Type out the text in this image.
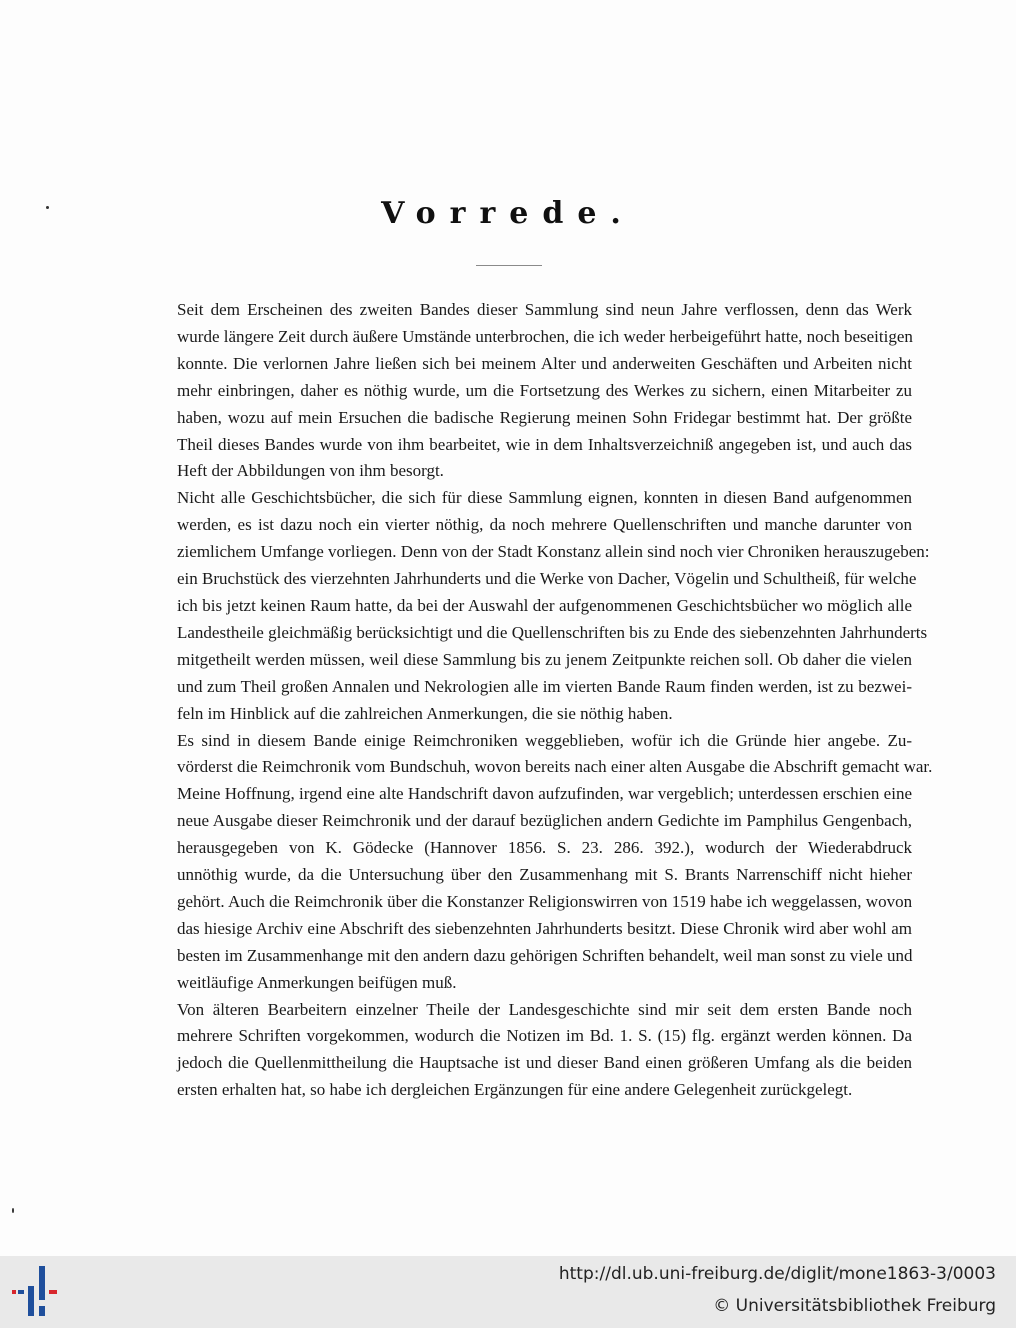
Vorrede.

Seit dem Erscheinen des zweiten Bandes dieser Sammlung sind neun Jahre verflossen, denn das Werk
wurde längere Zeit durch äußere Umstände unterbrochen, die ich weder herbeigeführt hatte, noch beseitigen
konnte. Die verlornen Jahre ließen sich bei meinem Alter und anderweiten Geschäften und Arbeiten nicht
mehr einbringen, daher es nöthig wurde, um die Fortsetzung des Werkes zu sichern, einen Mitarbeiter zu
haben, wozu auf mein Ersuchen die badische Regierung meinen Sohn Fridegar bestimmt hat. Der größte
Theil dieses Bandes wurde von ihm bearbeitet, wie in dem Inhaltsverzeichniß angegeben ist, und auch das
Heft der Abbildungen von ihm besorgt.

Nicht alle Geschichtsbücher, die sich für diese Sammlung eignen, konnten in diesen Band aufgenommen
werden, es ist dazu noch ein vierter nöthig, da noch mehrere Quellenschriften und manche darunter von
ziemlichem Umfange vorliegen. Denn von der Stadt Konstanz allein sind noch vier Chroniken herauszugeben:
ein Bruchstück des vierzehnten Jahrhunderts und die Werke von Dacher, Vögelin und Schultheiß, für welche
ich bis jetzt keinen Raum hatte, da bei der Auswahl der aufgenommenen Geschichtsbücher wo möglich alle
Landestheile gleichmäßig berücksichtigt und die Quellenschriften bis zu Ende des siebenzehnten Jahrhunderts
mitgetheilt werden müssen, weil diese Sammlung bis zu jenem Zeitpunkte reichen soll. Ob daher die vielen
und zum Theil großen Annalen und Nekrologien alle im vierten Bande Raum finden werden, ist zu bezwei-
feln im Hinblick auf die zahlreichen Anmerkungen, die sie nöthig haben.

Es sind in diesem Bande einige Reimchroniken weggeblieben, wofür ich die Gründe hier angebe. Zu-
vörderst die Reimchronik vom Bundschuh, wovon bereits nach einer alten Ausgabe die Abschrift gemacht war.
Meine Hoffnung, irgend eine alte Handschrift davon aufzufinden, war vergeblich; unterdessen erschien eine
neue Ausgabe dieser Reimchronik und der darauf bezüglichen andern Gedichte im Pamphilus Gengenbach,
herausgegeben von K. Gödecke (Hannover 1856. S. 23. 286. 392.), wodurch der Wiederabdruck
unnöthig wurde, da die Untersuchung über den Zusammenhang mit S. Brants Narrenschiff nicht hieher
gehört. Auch die Reimchronik über die Konstanzer Religionswirren von 1519 habe ich weggelassen, wovon
das hiesige Archiv eine Abschrift des siebenzehnten Jahrhunderts besitzt. Diese Chronik wird aber wohl am
besten im Zusammenhange mit den andern dazu gehörigen Schriften behandelt, weil man sonst zu viele und
weitläufige Anmerkungen beifügen muß.

Von älteren Bearbeitern einzelner Theile der Landesgeschichte sind mir seit dem ersten Bande noch
mehrere Schriften vorgekommen, wodurch die Notizen im Bd. 1. S. (15) flg. ergänzt werden können. Da
jedoch die Quellenmittheilung die Hauptsache ist und dieser Band einen größeren Umfang als die beiden
ersten erhalten hat, so habe ich dergleichen Ergänzungen für eine andere Gelegenheit zurückgelegt.

http://dl.ub.uni-freiburg.de/diglit/mone1863-3/0003
© Universitätsbibliothek Freiburg
